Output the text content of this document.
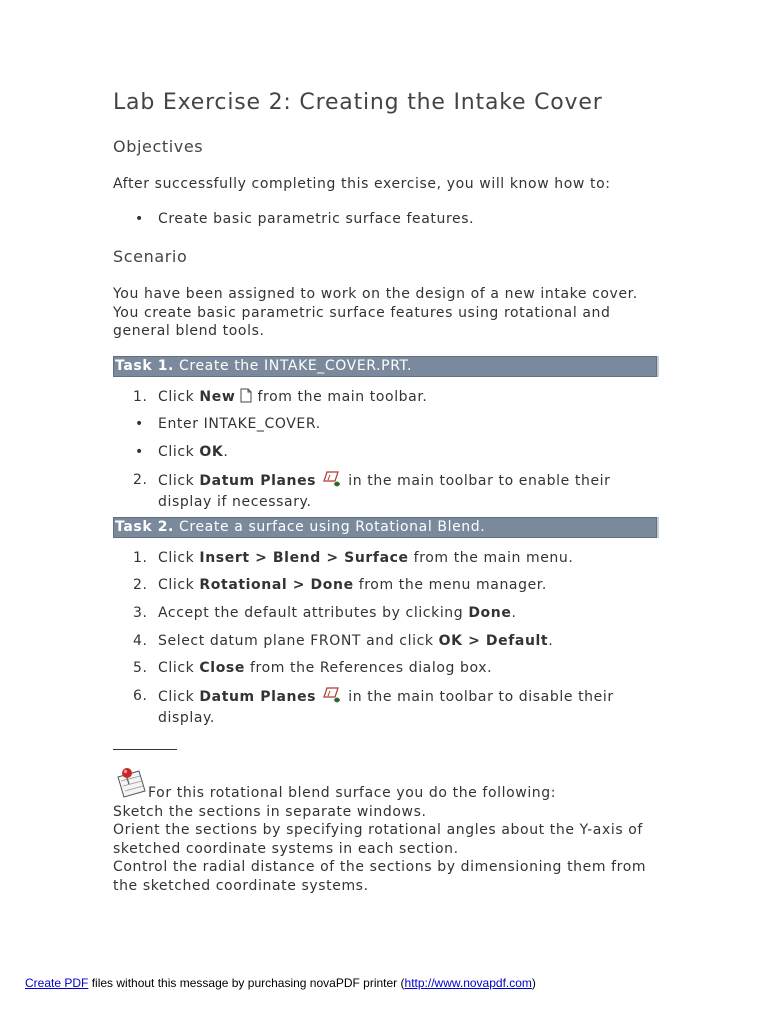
Lab Exercise 2: Creating the Intake Cover
Objectives
After successfully completing this exercise, you will know how to:
• Create basic parametric surface features.
Scenario
You have been assigned to work on the design of a new intake cover.
You create basic parametric surface features using rotational and
general blend tools.
Task 1. Create the INTAKE_COVER.PRT.
1. Click New  from the main toolbar.
• Enter INTAKE_COVER.
• Click OK.
2. Click Datum Planes  in the main toolbar to enable their
display if necessary.
Task 2. Create a surface using Rotational Blend.
1. Click Insert > Blend > Surface from the main menu.
2. Click Rotational > Done from the menu manager.
3. Accept the default attributes by clicking Done.
4. Select datum plane FRONT and click OK > Default.
5. Click Close from the References dialog box.
6. Click Datum Planes  in the main toolbar to disable their
display.
For this rotational blend surface you do the following:
Sketch the sections in separate windows.
Orient the sections by specifying rotational angles about the Y-axis of
sketched coordinate systems in each section.
Control the radial distance of the sections by dimensioning them from
the sketched coordinate systems.
Create PDF files without this message by purchasing novaPDF printer (http://www.novapdf.com)
